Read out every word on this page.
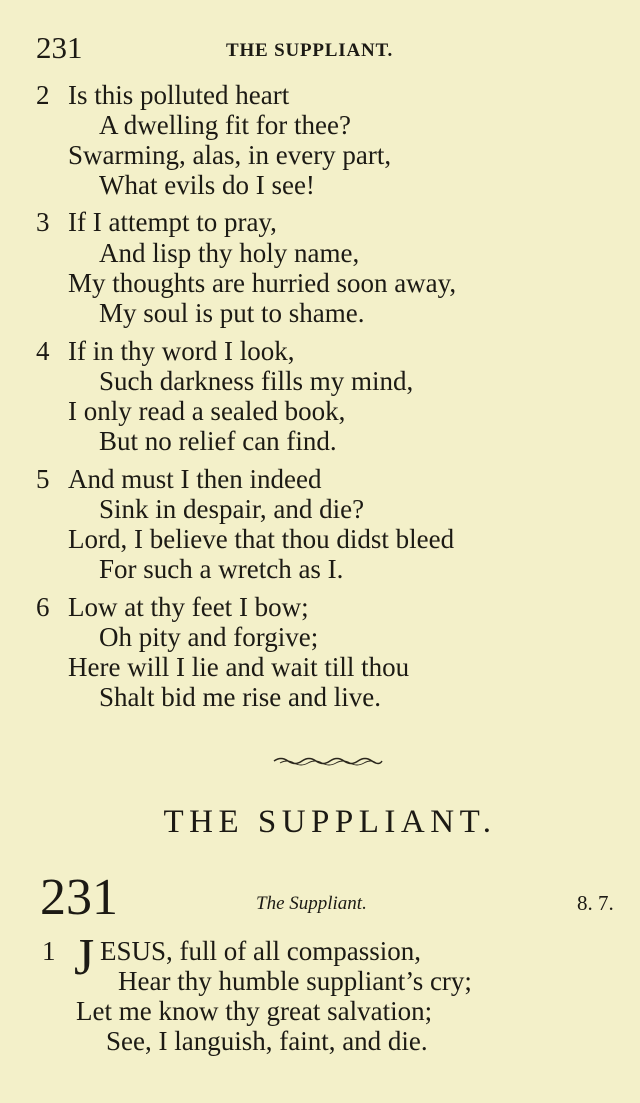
231	THE SUPPLIANT.
2 Is this polluted heart
A dwelling fit for thee?
Swarming, alas, in every part,
What evils do I see!
3 If I attempt to pray,
And lisp thy holy name,
My thoughts are hurried soon away,
My soul is put to shame.
4 If in thy word I look,
Such darkness fills my mind,
I only read a sealed book,
But no relief can find.
5 And must I then indeed
Sink in despair, and die?
Lord, I believe that thou didst bleed
For such a wretch as I.
6 Low at thy feet I bow;
Oh pity and forgive;
Here will I lie and wait till thou
Shalt bid me rise and live.
THE SUPPLIANT.
231	The Suppliant.	8. 7.
1 J ESUS, full of all compassion,
Hear thy humble suppliant’s cry;
Let me know thy great salvation;
See, I languish, faint, and die.
